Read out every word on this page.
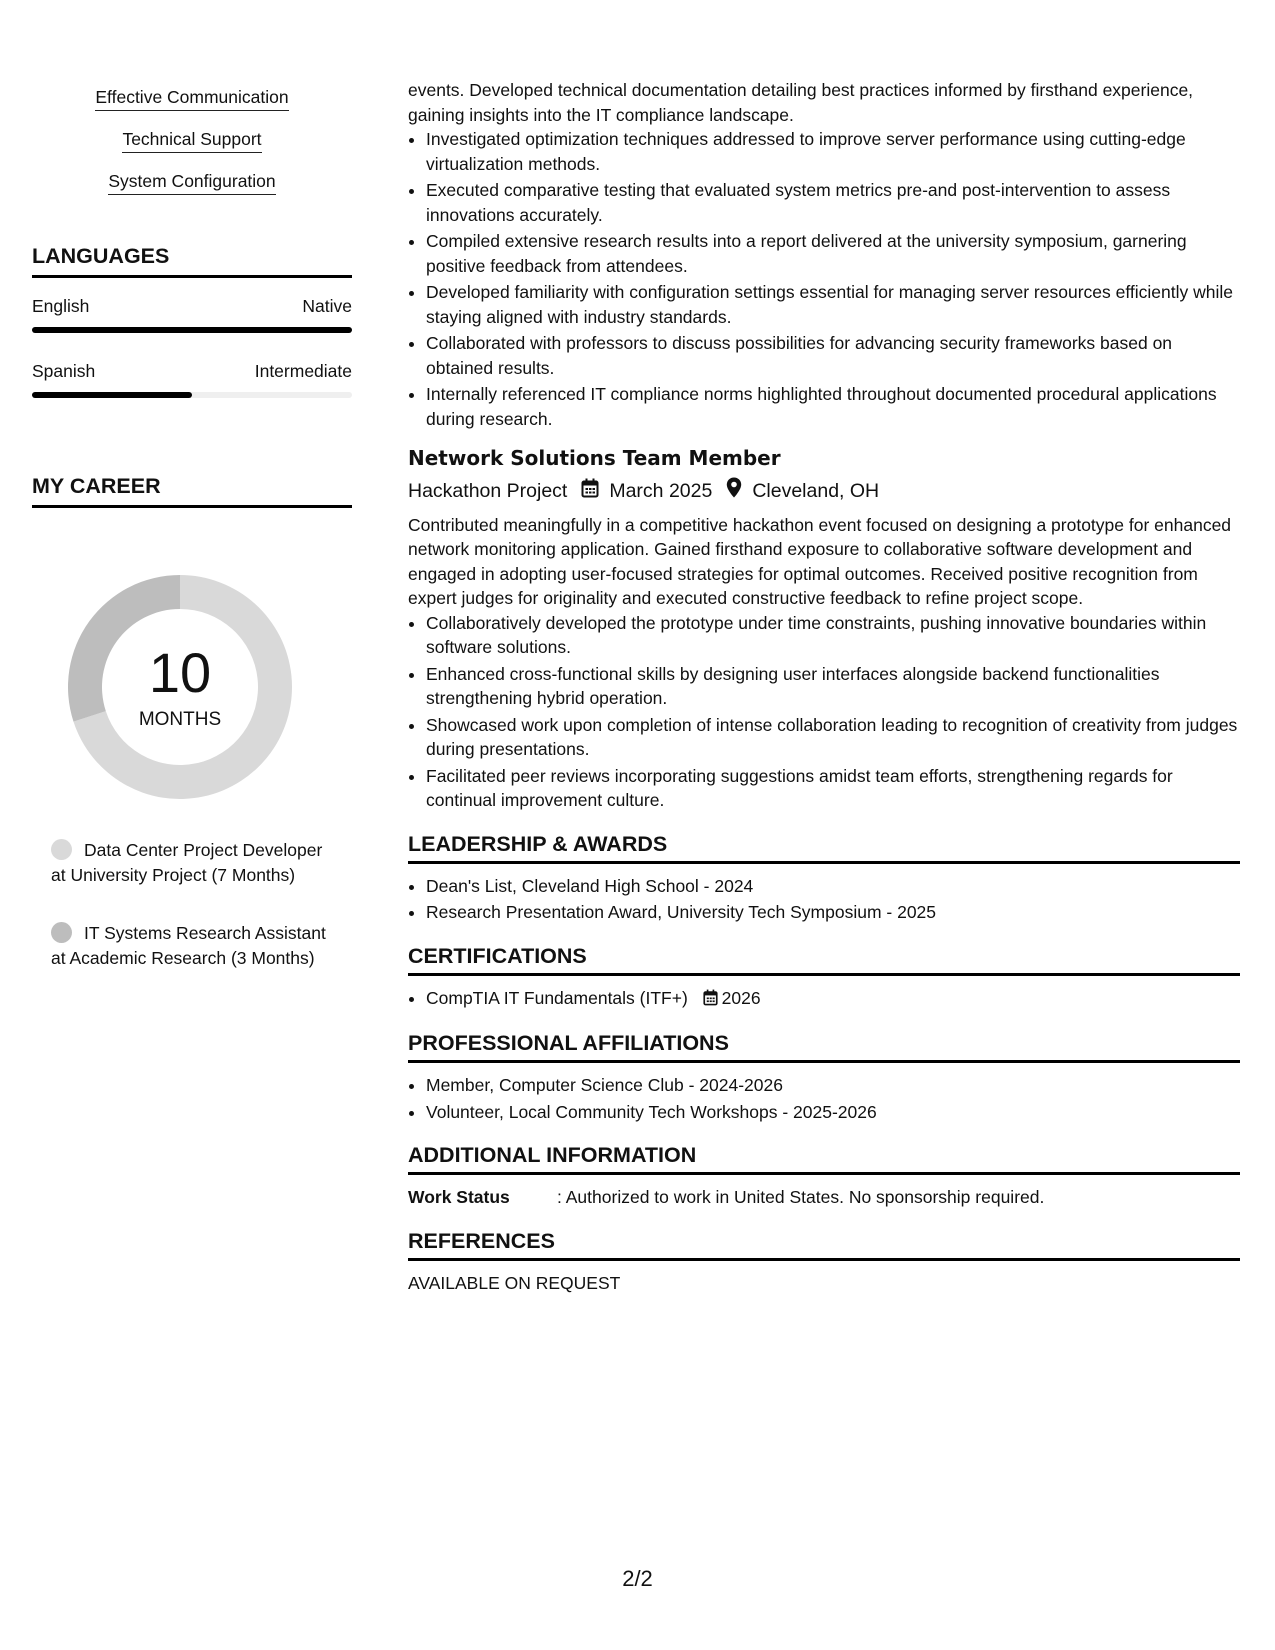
Effective Communication
Technical Support
System Configuration
LANGUAGES
English	Native
Spanish	Intermediate
MY CAREER
10
MONTHS
Data Center Project Developer at University Project (7 Months)
IT Systems Research Assistant at Academic Research (3 Months)
events. Developed technical documentation detailing best practices informed by firsthand experience, gaining insights into the IT compliance landscape.
• Investigated optimization techniques addressed to improve server performance using cutting-edge virtualization methods.
• Executed comparative testing that evaluated system metrics pre-and post-intervention to assess innovations accurately.
• Compiled extensive research results into a report delivered at the university symposium, garnering positive feedback from attendees.
• Developed familiarity with configuration settings essential for managing server resources efficiently while staying aligned with industry standards.
• Collaborated with professors to discuss possibilities for advancing security frameworks based on obtained results.
• Internally referenced IT compliance norms highlighted throughout documented procedural applications during research.
Network Solutions Team Member
Hackathon Project March 2025 Cleveland, OH
Contributed meaningfully in a competitive hackathon event focused on designing a prototype for enhanced network monitoring application. Gained firsthand exposure to collaborative software development and engaged in adopting user-focused strategies for optimal outcomes. Received positive recognition from expert judges for originality and executed constructive feedback to refine project scope.
• Collaboratively developed the prototype under time constraints, pushing innovative boundaries within software solutions.
• Enhanced cross-functional skills by designing user interfaces alongside backend functionalities strengthening hybrid operation.
• Showcased work upon completion of intense collaboration leading to recognition of creativity from judges during presentations.
• Facilitated peer reviews incorporating suggestions amidst team efforts, strengthening regards for continual improvement culture.
LEADERSHIP & AWARDS
• Dean's List, Cleveland High School - 2024
• Research Presentation Award, University Tech Symposium - 2025
CERTIFICATIONS
• CompTIA IT Fundamentals (ITF+) 2026
PROFESSIONAL AFFILIATIONS
• Member, Computer Science Club - 2024-2026
• Volunteer, Local Community Tech Workshops - 2025-2026
ADDITIONAL INFORMATION
Work Status	: Authorized to work in United States. No sponsorship required.
REFERENCES
AVAILABLE ON REQUEST
2/2
